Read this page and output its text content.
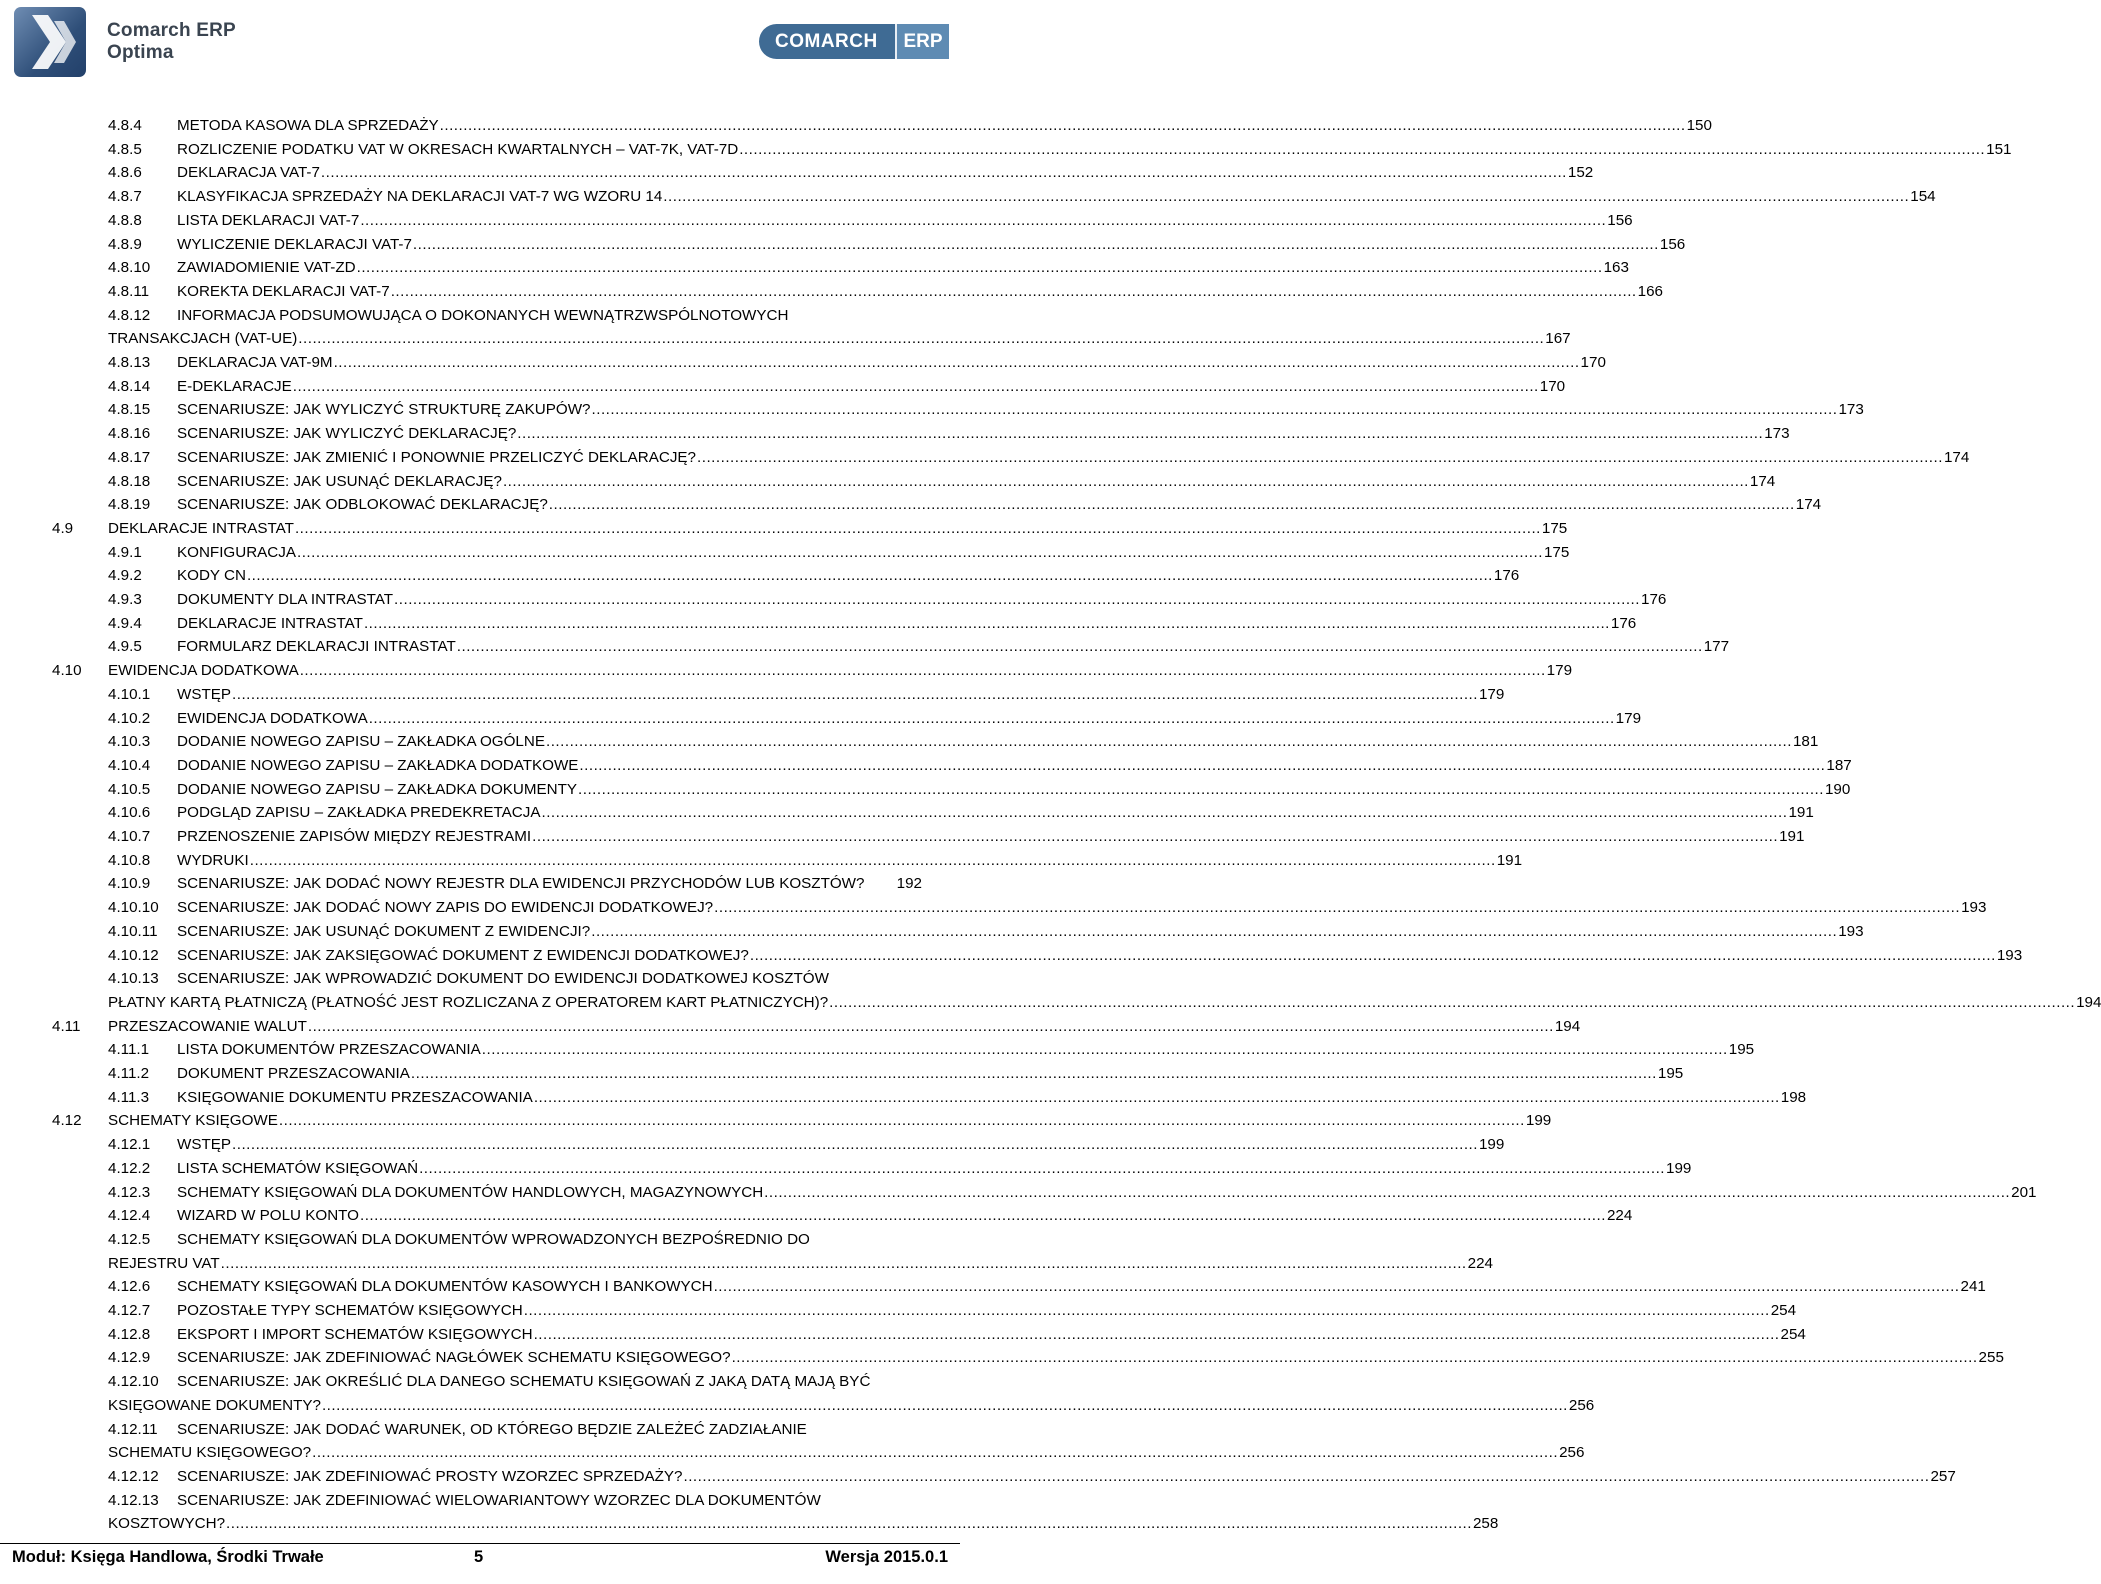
Comarch ERP
Optima
COMARCH	ERP
4.8.4 METODA KASOWA DLA SPRZEDAŻY .....	150
4.8.5 ROZLICZENIE PODATKU VAT W OKRESACH KWARTALNYCH – VAT-7K, VAT-7D .....	151
4.8.6 DEKLARACJA VAT-7 .....	152
4.8.7 KLASYFIKACJA SPRZEDAŻY NA DEKLARACJI VAT-7 WG WZORU 14 .....	154
4.8.8 LISTA DEKLARACJI VAT-7 .....	156
4.8.9 WYLICZENIE DEKLARACJI VAT-7 .....	156
4.8.10 ZAWIADOMIENIE VAT-ZD .....	163
4.8.11 KOREKTA DEKLARACJI VAT-7 .....	166
4.8.12 INFORMACJA PODSUMOWUJĄCA O DOKONANYCH WEWNĄTRZWSPÓLNOTOWYCH
TRANSAKCJACH (VAT-UE) .....	167
4.8.13 DEKLARACJA VAT-9M .....	170
4.8.14 E-DEKLARACJE .....	170
4.8.15 SCENARIUSZE: JAK WYLICZYĆ STRUKTURĘ ZAKUPÓW? .....	173
4.8.16 SCENARIUSZE: JAK WYLICZYĆ DEKLARACJĘ? .....	173
4.8.17 SCENARIUSZE: JAK ZMIENIĆ I PONOWNIE PRZELICZYĆ DEKLARACJĘ? .....	174
4.8.18 SCENARIUSZE: JAK USUNĄĆ DEKLARACJĘ? .....	174
4.8.19 SCENARIUSZE: JAK ODBLOKOWAĆ DEKLARACJĘ? .....	174
4.9 DEKLARACJE INTRASTAT .....	175
4.9.1 KONFIGURACJA .....	175
4.9.2 KODY CN .....	176
4.9.3 DOKUMENTY DLA INTRASTAT .....	176
4.9.4 DEKLARACJE INTRASTAT .....	176
4.9.5 FORMULARZ DEKLARACJI INTRASTAT .....	177
4.10 EWIDENCJA DODATKOWA .....	179
4.10.1 WSTĘP .....	179
4.10.2 EWIDENCJA DODATKOWA .....	179
4.10.3 DODANIE NOWEGO ZAPISU – ZAKŁADKA OGÓLNE .....	181
4.10.4 DODANIE NOWEGO ZAPISU – ZAKŁADKA DODATKOWE .....	187
4.10.5 DODANIE NOWEGO ZAPISU – ZAKŁADKA DOKUMENTY .....	190
4.10.6 PODGLĄD ZAPISU – ZAKŁADKA PREDEKRETACJA .....	191
4.10.7 PRZENOSZENIE ZAPISÓW MIĘDZY REJESTRAMI .....	191
4.10.8 WYDRUKI .....	191
4.10.9 SCENARIUSZE: JAK DODAĆ NOWY REJESTR DLA EWIDENCJI PRZYCHODÓW LUB KOSZTÓW? 192
4.10.10 SCENARIUSZE: JAK DODAĆ NOWY ZAPIS DO EWIDENCJI DODATKOWEJ? .....	193
4.10.11 SCENARIUSZE: JAK USUNĄĆ DOKUMENT Z EWIDENCJI? .....	193
4.10.12 SCENARIUSZE: JAK ZAKSIĘGOWAĆ DOKUMENT Z EWIDENCJI DODATKOWEJ? .....	193
4.10.13 SCENARIUSZE: JAK WPROWADZIĆ DOKUMENT DO EWIDENCJI DODATKOWEJ KOSZTÓW
PŁATNY KARTĄ PŁATNICZĄ (PŁATNOŚĆ JEST ROZLICZANA Z OPERATOREM KART PŁATNICZYCH)? .....	194
4.11 PRZESZACOWANIE WALUT .....	194
4.11.1 LISTA DOKUMENTÓW PRZESZACOWANIA .....	195
4.11.2 DOKUMENT PRZESZACOWANIA .....	195
4.11.3 KSIĘGOWANIE DOKUMENTU PRZESZACOWANIA .....	198
4.12 SCHEMATY KSIĘGOWE .....	199
4.12.1 WSTĘP .....	199
4.12.2 LISTA SCHEMATÓW KSIĘGOWAŃ .....	199
4.12.3 SCHEMATY KSIĘGOWAŃ DLA DOKUMENTÓW HANDLOWYCH, MAGAZYNOWYCH .....	201
4.12.4 WIZARD W POLU KONTO .....	224
4.12.5 SCHEMATY KSIĘGOWAŃ DLA DOKUMENTÓW WPROWADZONYCH BEZPOŚREDNIO DO
REJESTRU VAT .....	224
4.12.6 SCHEMATY KSIĘGOWAŃ DLA DOKUMENTÓW KASOWYCH I BANKOWYCH .....	241
4.12.7 POZOSTAŁE TYPY SCHEMATÓW KSIĘGOWYCH .....	254
4.12.8 EKSPORT I IMPORT SCHEMATÓW KSIĘGOWYCH .....	254
4.12.9 SCENARIUSZE: JAK ZDEFINIOWAĆ NAGŁÓWEK SCHEMATU KSIĘGOWEGO? .....	255
4.12.10 SCENARIUSZE: JAK OKREŚLIĆ DLA DANEGO SCHEMATU KSIĘGOWAŃ Z JAKĄ DATĄ MAJĄ BYĆ
KSIĘGOWANE DOKUMENTY? .....	256
4.12.11 SCENARIUSZE: JAK DODAĆ WARUNEK, OD KTÓREGO BĘDZIE ZALEŻEĆ ZADZIAŁANIE
SCHEMATU KSIĘGOWEGO? .....	256
4.12.12 SCENARIUSZE: JAK ZDEFINIOWAĆ PROSTY WZORZEC SPRZEDAŻY? .....	257
4.12.13 SCENARIUSZE: JAK ZDEFINIOWAĆ WIELOWARIANTOWY WZORZEC DLA DOKUMENTÓW
KOSZTOWYCH? .....	258
Moduł: Księga Handlowa, Środki Trwałe	5	Wersja 2015.0.1
